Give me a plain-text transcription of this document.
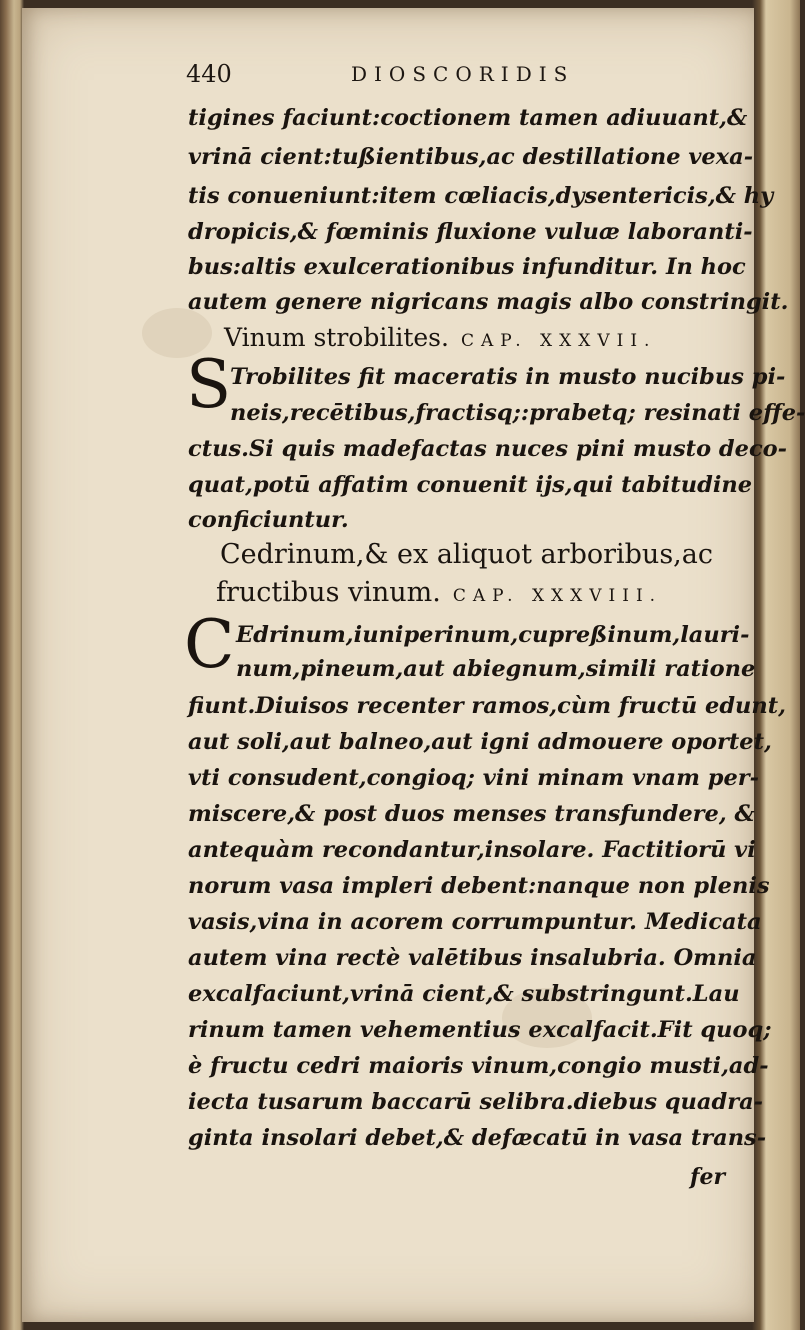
440	DIOSCORIDIS
tigines faciunt:coctionem tamen adiuuant,&
vrinā cient:tußientibus,ac destillatione vexa-
tis conueniunt:item cœliacis,dysentericis,& hy
dropicis,& fœminis fluxione vuluæ laboranti-
bus:altis exulcerationibus infunditur. In hoc
autem genere nigricans magis albo constringit.
Vinum strobilites. CAP. XXXVII.
S
Trobilites fit maceratis in musto nucibus pi-
neis,recētibus,fractisq;:prabetq; resinati effe-
ctus.Si quis madefactas nuces pini musto deco-
quat,potū affatim conuenit ijs,qui tabitudine
conficiuntur.
Cedrinum,& ex aliquot arboribus,ac
fructibus vinum. CAP. XXXVIII.
C Edrinum,iuniperinum,cupreßinum,lauri-
num,pineum,aut abiegnum,simili ratione
fiunt.Diuisos recenter ramos,cùm fructū edunt,
aut soli,aut balneo,aut igni admouere oportet,
vti consudent,congioq; vini minam vnam per-
miscere,& post duos menses transfundere, &
antequàm recondantur,insolare. Factitiorū vi
norum vasa impleri debent:nanque non plenis
vasis,vina in acorem corrumpuntur. Medicata
autem vina rectè valētibus insalubria. Omnia
excalfaciunt,vrinā cient,& substringunt.Lau
rinum tamen vehementius excalfacit.Fit quoq;
è fructu cedri maioris vinum,congio musti,ad-
iecta tusarum baccarū selibra.diebus quadra-
ginta insolari debet,& defæcatū in vasa trans-
fer
